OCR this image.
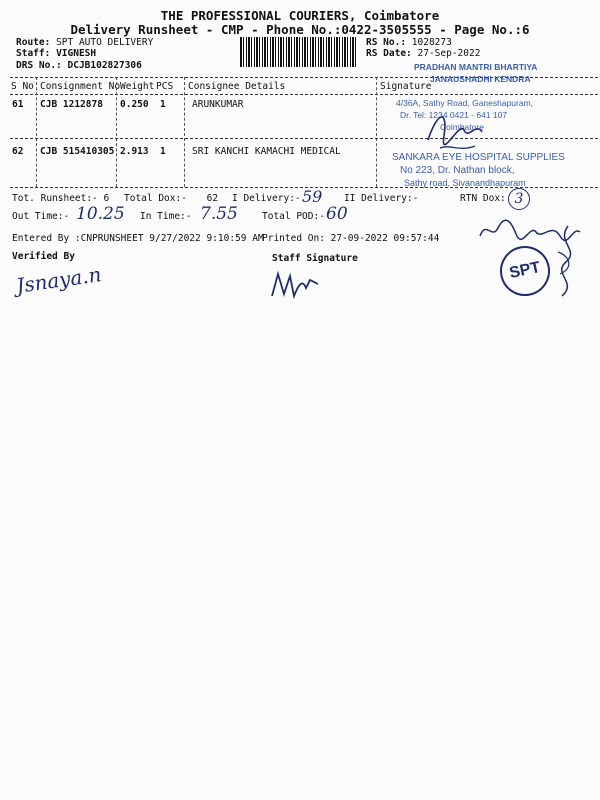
THE PROFESSIONAL COURIERS, Coimbatore
Delivery Runsheet - CMP - Phone No.:0422-3505555 - Page No.:6
Route: SPT AUTO DELIVERY
Staff: VIGNESH
DRS No.: DCJB102827306
RS No.: 1028273
RS Date: 27-Sep-2022
S No Consignment No Weight PCS Consignee Details	Signature
61 CJB 1212878 0.250 1	ARUNKUMAR
62 CJB 515410305 2.913 1	SRI KANCHI KAMACHI MEDICAL
PRADHAN MANTRI BHARTIYA
JANAUSHADHI KENDRA
4/36A, Sathy Road, Ganeshapuram,
Dr. Tel: 1234 0421 - 641 107
Coimbatore
SANKARA EYE HOSPITAL SUPPLIES
No 223, Dr. Nathan block,
Sathy road, Sivanandhapuram
Tot. Runsheet:- 6 Total Dox:- 62 I Delivery:- 59 II Delivery:-	RTN Dox: 3
Out Time:- 10.25 In Time:- 7.55	Total POD:- 60
Entered By :CNPRUNSHEET 9/27/2022 9:10:59 AM
Printed On: 27-09-2022 09:57:44
Verified By	Staff Signature
Jsnaya.n	SPT
